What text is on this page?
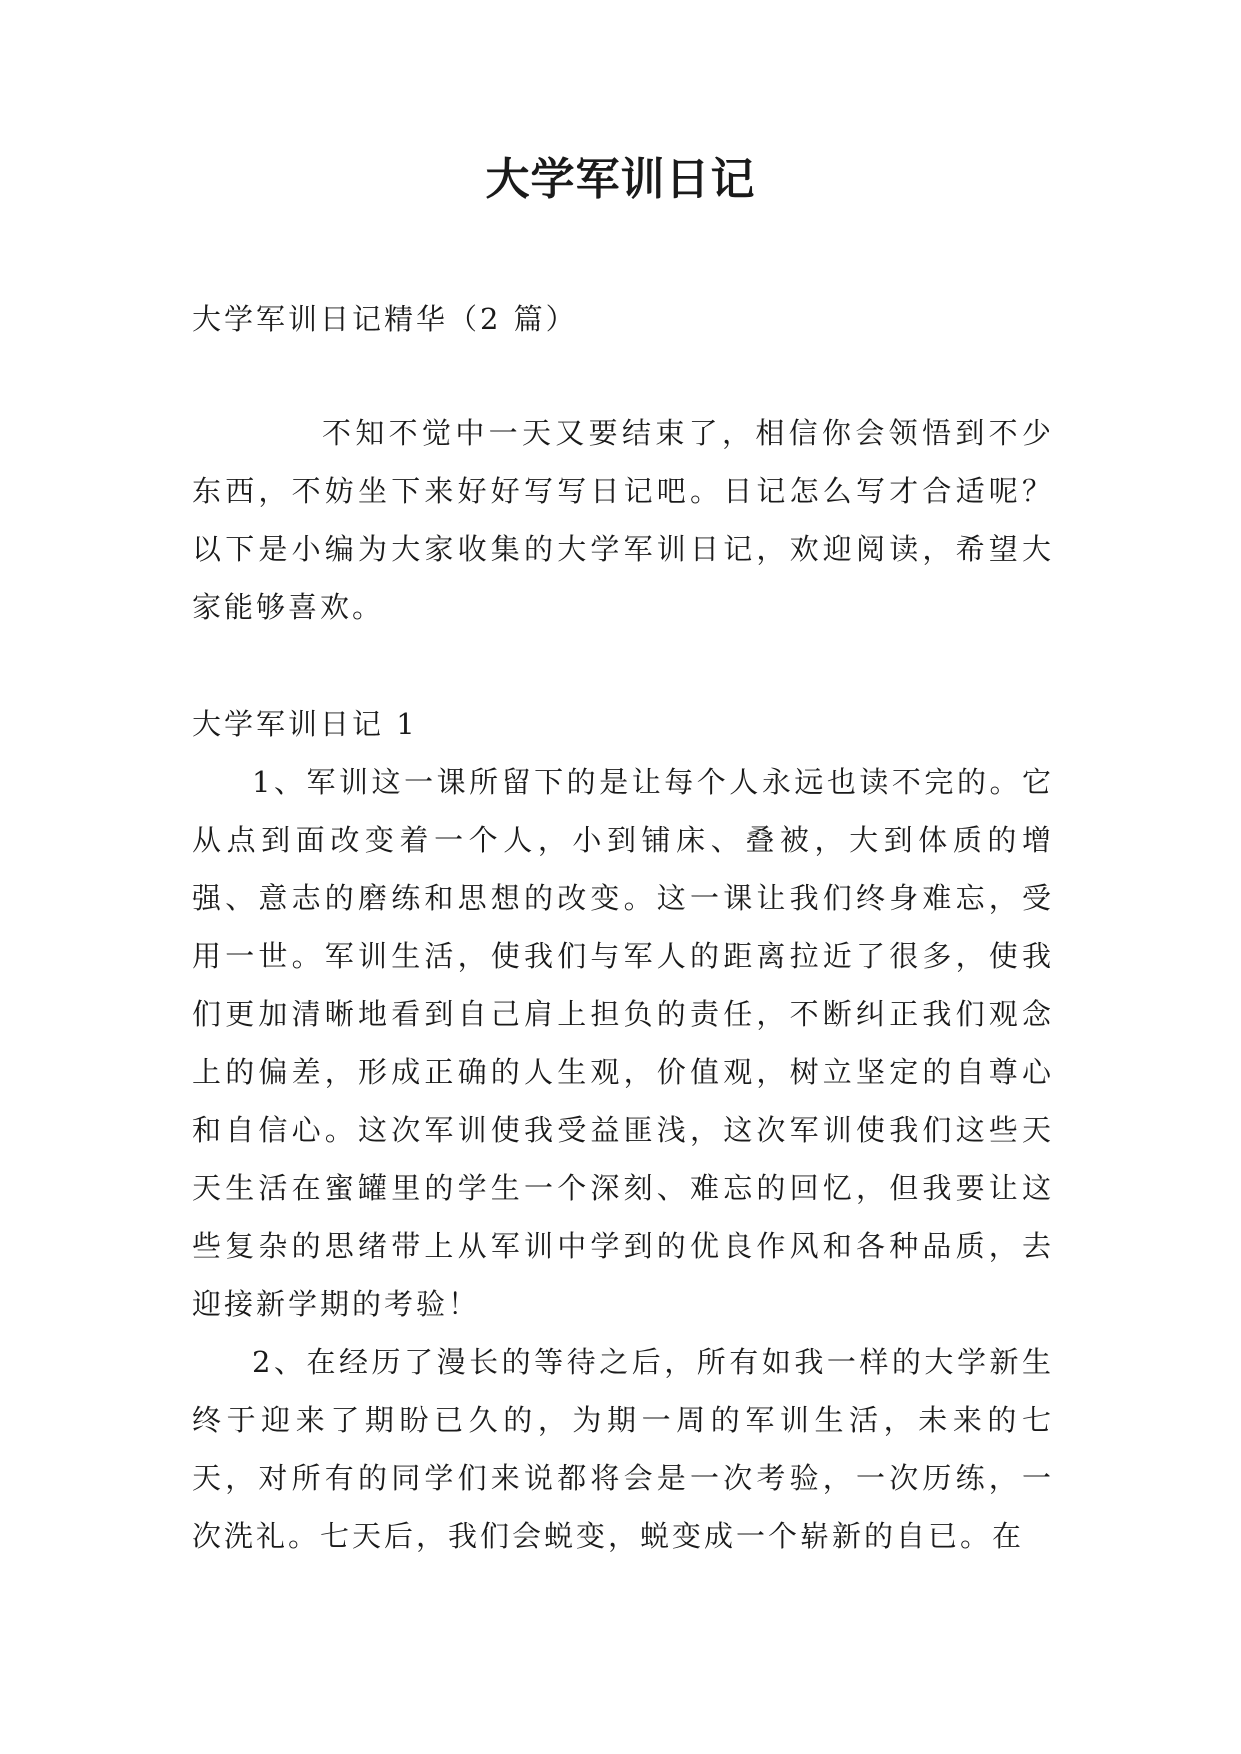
大学军训日记

大学军训日记精华（2 篇）

不知不觉中一天又要结束了，相信你会领悟到不少东西，不妨坐下来好好写写日记吧。日记怎么写才合适呢？以下是小编为大家收集的大学军训日记，欢迎阅读，希望大家能够喜欢。

大学军训日记 1

1、军训这一课所留下的是让每个人永远也读不完的。它从点到面改变着一个人，小到铺床、叠被，大到体质的增强、意志的磨练和思想的改变。这一课让我们终身难忘，受用一世。军训生活，使我们与军人的距离拉近了很多，使我们更加清晰地看到自己肩上担负的责任，不断纠正我们观念上的偏差，形成正确的人生观，价值观，树立坚定的自尊心和自信心。这次军训使我受益匪浅，这次军训使我们这些天天生活在蜜罐里的学生一个深刻、难忘的回忆，但我要让这些复杂的思绪带上从军训中学到的优良作风和各种品质，去迎接新学期的考验！

2、在经历了漫长的等待之后，所有如我一样的大学新生终于迎来了期盼已久的，为期一周的军训生活，未来的七天，对所有的同学们来说都将会是一次考验，一次历练，一次洗礼。七天后，我们会蜕变，蜕变成一个崭新的自已。在
